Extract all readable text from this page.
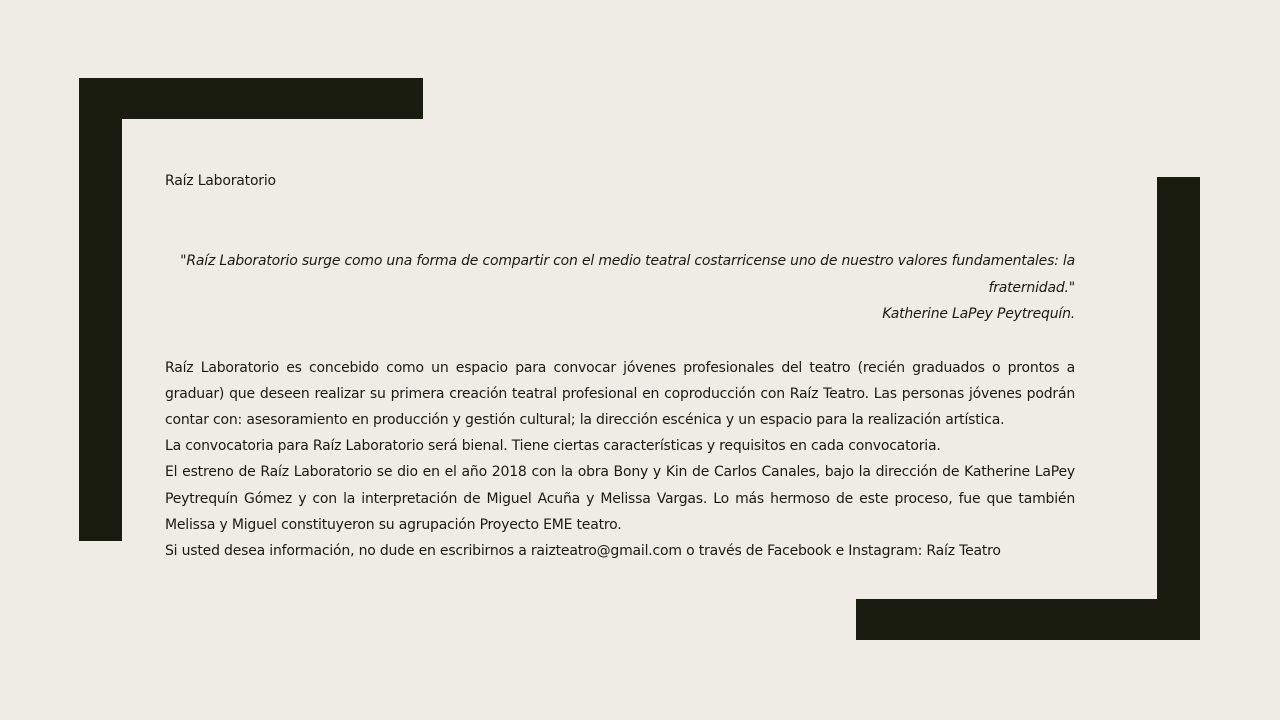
Raíz Laboratorio
"Raíz Laboratorio surge como una forma de compartir con el medio teatral costarricense uno de nuestro valores fundamentales: la fraternidad."
Katherine LaPey Peytrequín.

Raíz Laboratorio es concebido como un espacio para convocar jóvenes profesionales del teatro (recién graduados o prontos a graduar) que deseen realizar su primera creación teatral profesional en coproducción con Raíz Teatro. Las personas jóvenes podrán contar con: asesoramiento en producción y gestión cultural; la dirección escénica y un espacio para la realización artística.

La convocatoria para Raíz Laboratorio será bienal. Tiene ciertas características y requisitos en cada convocatoria.

El estreno de Raíz Laboratorio se dio en el año 2018 con la obra Bony y Kin de Carlos Canales, bajo la dirección de Katherine LaPey Peytrequín Gómez y con la interpretación de Miguel Acuña y Melissa Vargas. Lo más hermoso de este proceso, fue que también Melissa y Miguel constituyeron su agrupación Proyecto EME teatro.

Si usted desea información, no dude en escribirnos a raizteatro@gmail.com o través de Facebook e Instagram: Raíz Teatro
